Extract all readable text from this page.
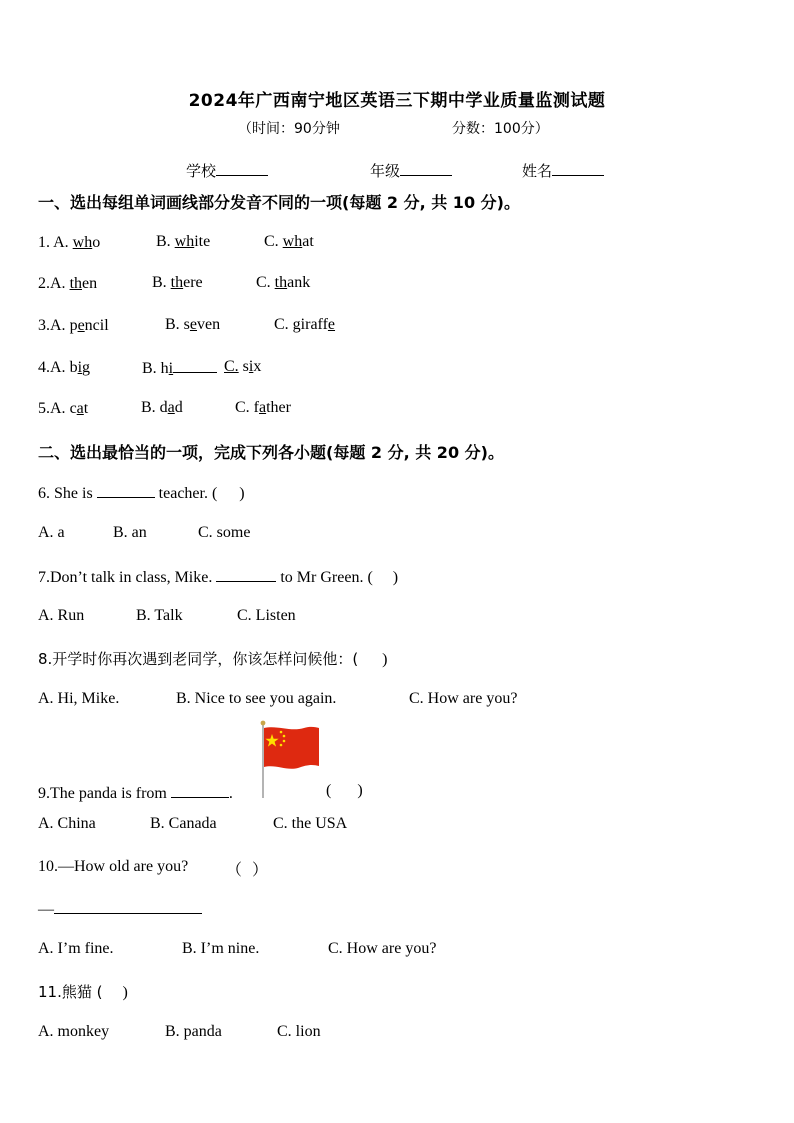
2024年广西南宁地区英语三下期中学业质量监测试题
（时间：90分钟	分数：100分）
学校	年级	姓名
一、选出每组单词画线部分发音不同的一项(每题 2 分, 共 10 分)。
1. A. who	B. white	C. what
2.A. then	B. there	C. thank
3.A. pencil	B. seven	C. giraffe
4.A. big	B. hi	C. six
5.A. cat	B. dad	C. father
二、选出最恰当的一项，完成下列各小题(每题 2 分, 共 20 分)。
6. She is	teacher. ( )
A. a	B. an	C. some
7.Don’t talk in class, Mike.	to Mr Green. ( )
A. Run	B. Talk	C. Listen
8.开学时你再次遇到老同学，你该怎样问候他：( )
A. Hi, Mike.	B. Nice to see you again.	C. How are you?
9.The panda is from	.	( )
A. China	B. Canada	C. the USA
10.—How old are you? （ ）
—
A. I’m fine.	B. I’m nine.	C. How are you?
11.熊猫 ( )
A. monkey	B. panda	C. lion
